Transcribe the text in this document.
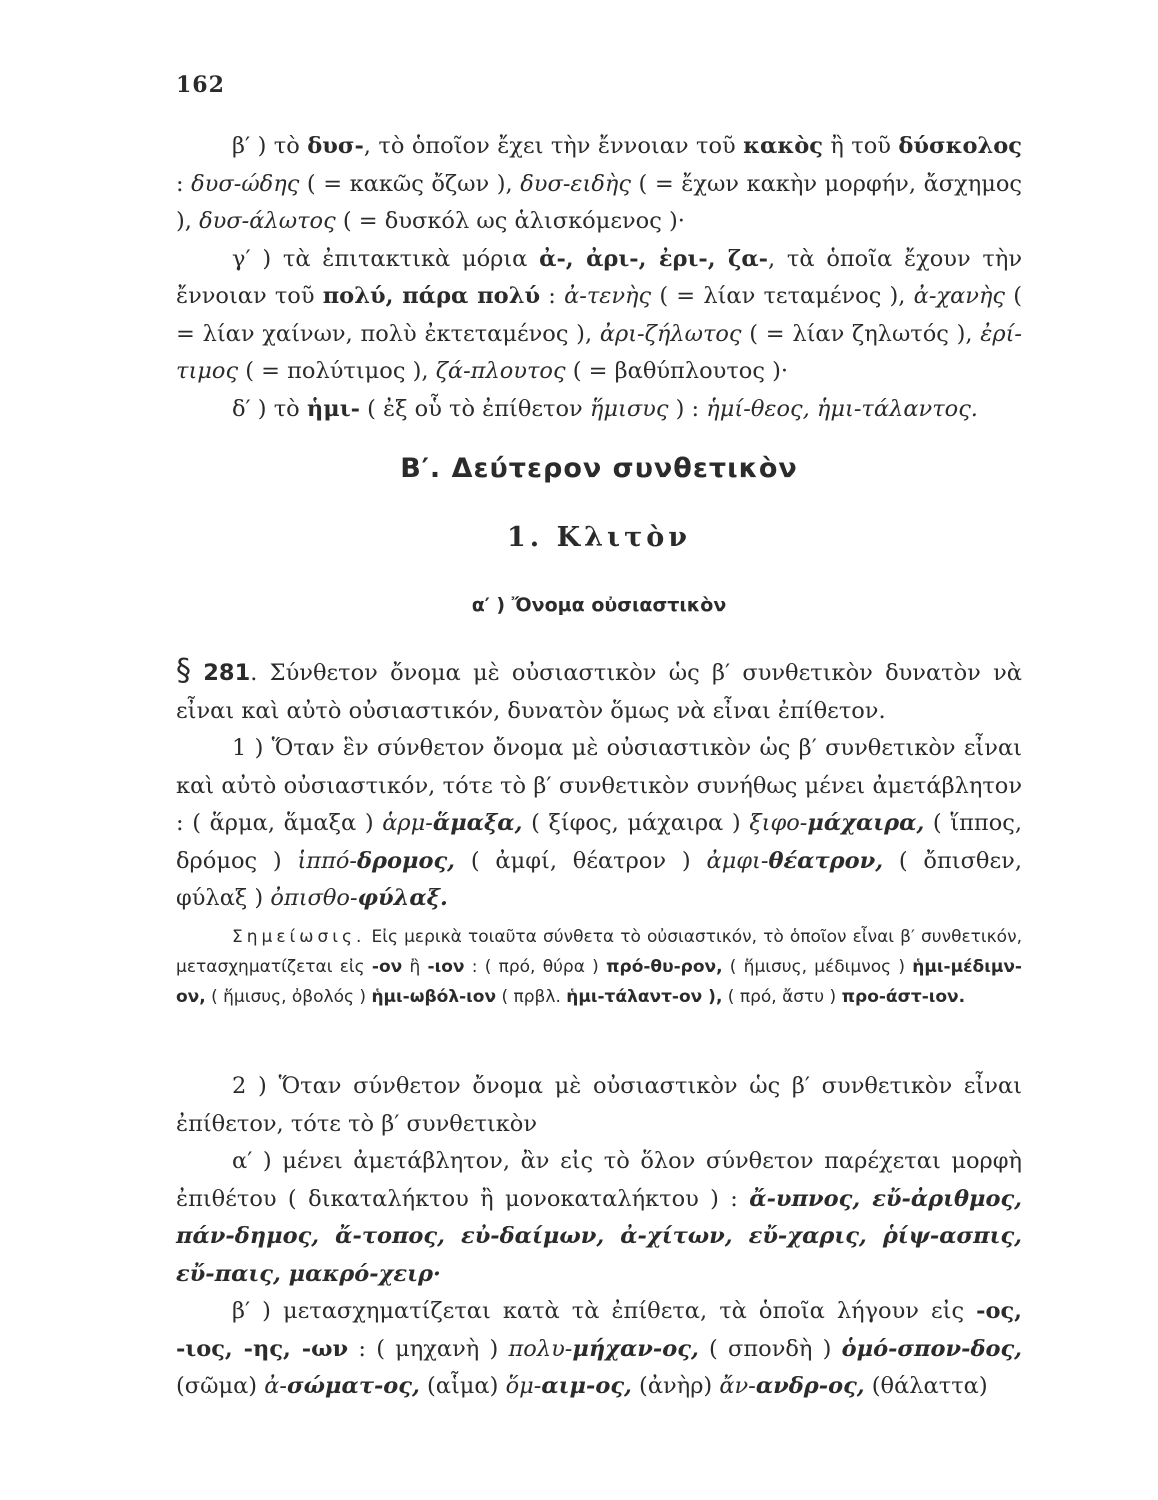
162

β′ ) τὸ δυσ-, τὸ ὁποῖον ἔχει τὴν ἔννοιαν τοῦ κακὸς ἢ τοῦ δύσκολος : δυσ-ώδης ( = κακῶς ὄζων ), δυσ-ειδὴς ( = ἔχων κακὴν μορφήν, ἄσχημος ), δυσ-άλωτος ( = δυσκόλ ως ἁλισκόμενος )·

γ′ ) τὰ ἐπιτακτικὰ μόρια ἀ-, ἀρι-, ἐρι-, ζα-, τὰ ὁποῖα ἔχουν τὴν ἔννοιαν τοῦ πολύ, πάρα πολύ : ἀ-τενὴς ( = λίαν τεταμένος ), ἀ-χανὴς ( = λίαν χαίνων, πολὺ ἐκτεταμένος ), ἀρι-ζήλωτος ( = λίαν ζηλωτός ), ἐρί-τιμος ( = πολύτιμος ), ζά-πλουτος ( = βαθύπλουτος )·

δ′ ) τὸ ἡμι- ( ἐξ οὗ τὸ ἐπίθετον ἥμισυς ) : ἡμί-θεος, ἡμι-τάλαντος.

Β′. Δεύτερον συνθετικὸν
1. Κλιτὸν
α′ ) Ὄνομα οὐσιαστικὸν

§ 281. Σύνθετον ὄνομα μὲ οὐσιαστικὸν ὡς β′ συνθετικὸν δυνατὸν νὰ εἶναι καὶ αὐτὸ οὐσιαστικόν, δυνατὸν ὅμως νὰ εἶναι ἐπίθετον.

1 ) Ὅταν ἓν σύνθετον ὄνομα μὲ οὐσιαστικὸν ὡς β′ συνθετικὸν εἶναι καὶ αὐτὸ οὐσιαστικόν, τότε τὸ β′ συνθετικὸν συνήθως μένει ἀμετάβλητον : ( ἅρμα, ἅμαξα ) ἁρμ-ἅμαξα, ( ξίφος, μάχαιρα ) ξιφο-μάχαιρα, ( ἵππος, δρόμος ) ἱππό-δρομος, ( ἀμφί, θέατρον ) ἀμφι-θέατρον, ( ὄπισθεν, φύλαξ ) ὀπισθο-φύλαξ.

Σημείωσις. Εἰς μερικὰ τοιαῦτα σύνθετα τὸ οὐσιαστικόν, τὸ ὁποῖον εἶναι β′ συνθετικόν, μετασχηματίζεται εἰς -ον ἢ -ιον : ( πρό, θύρα ) πρό-θυ-ρον, ( ἥμισυς, μέδιμνος ) ἡμι-μέδιμν-ον, ( ἥμισυς, ὀβολός ) ἡμι-ωβόλ-ιον ( πρβλ. ἡμι-τάλαντ-ον ), ( πρό, ἄστυ ) προ-άστ-ιον.

2 ) Ὅταν σύνθετον ὄνομα μὲ οὐσιαστικὸν ὡς β′ συνθετικὸν εἶναι ἐπίθετον, τότε τὸ β′ συνθετικὸν

α′ ) μένει ἀμετάβλητον, ἂν εἰς τὸ ὅλον σύνθετον παρέχεται μορφὴ ἐπιθέτου ( δικαταλήκτου ἢ μονοκαταλήκτου ) : ἄ-υπνος, εὔ-ἀριθμος, πάν-δημος, ἄ-τοπος, εὐ-δαίμων, ἀ-χίτων, εὔ-χαρις, ῥίψ-ασπις, εὔ-παις, μακρό-χειρ·

β′ ) μετασχηματίζεται κατὰ τὰ ἐπίθετα, τὰ ὁποῖα λήγουν εἰς -ος, -ιος, -ης, -ων : ( μηχανὴ ) πολυ-μήχαν-ος, ( σπονδὴ ) ὁμό-σπον-δος, (σῶμα) ἀ-σώματ-ος, (αἷμα) ὅμ-αιμ-ος, (ἀνὴρ) ἄν-ανδρ-ος, (θάλαττα)
